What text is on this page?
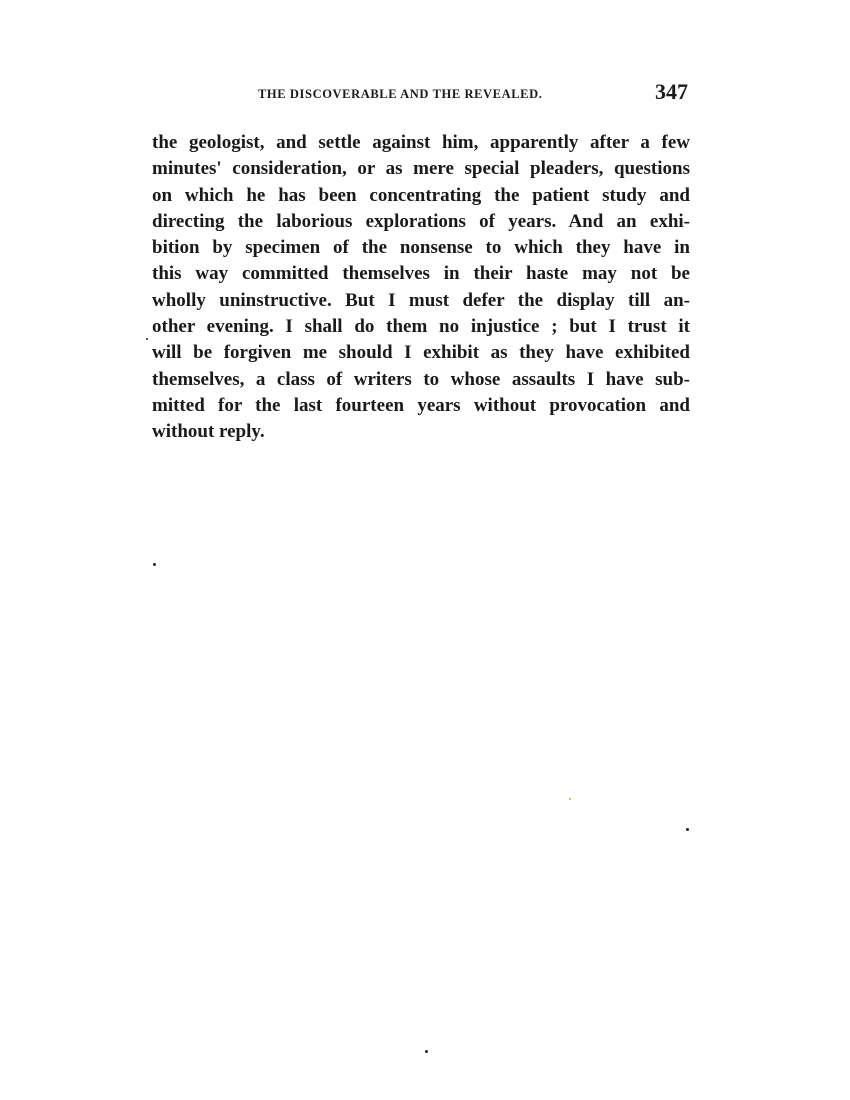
THE DISCOVERABLE AND THE REVEALED.	347
the geologist, and settle against him, apparently after a few
minutes' consideration, or as mere special pleaders, questions
on which he has been concentrating the patient study and
directing the laborious explorations of years. And an exhi-
bition by specimen of the nonsense to which they have in
this way committed themselves in their haste may not be
wholly uninstructive. But I must defer the display till an-
other evening. I shall do them no injustice ; but I trust it
will be forgiven me should I exhibit as they have exhibited
themselves, a class of writers to whose assaults I have sub-
mitted for the last fourteen years without provocation and
without reply.
